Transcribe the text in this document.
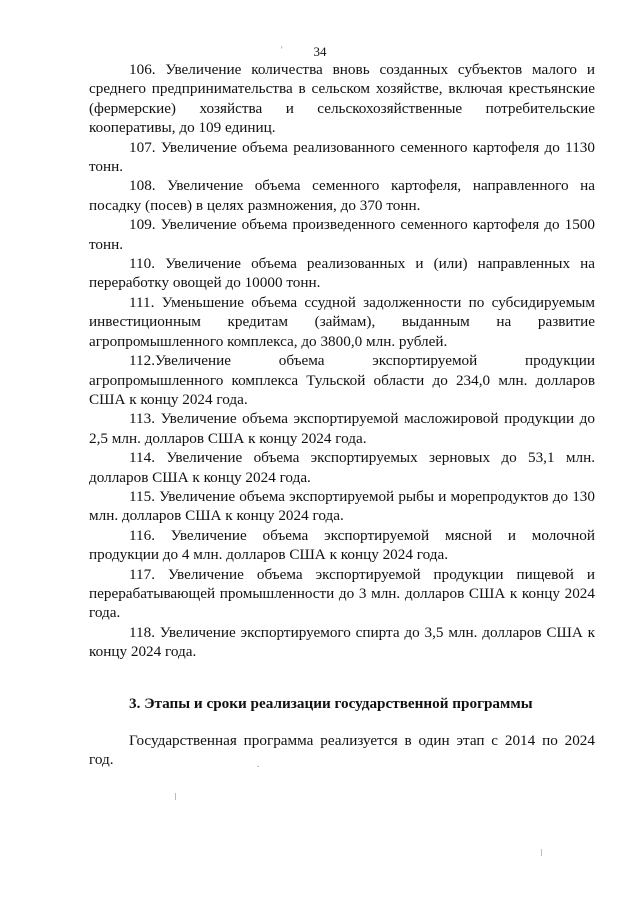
34
'
.

106. Увеличение количества вновь созданных субъектов малого и среднего предпринимательства в сельском хозяйстве, включая крестьянские (фермерские) хозяйства и сельскохозяйственные потребительские кооперативы, до 109 единиц.

107. Увеличение объема реализованного семенного картофеля до 1130 тонн.

108. Увеличение объема семенного картофеля, направленного на посадку (посев) в целях размножения, до 370 тонн.

109. Увеличение объема произведенного семенного картофеля до 1500 тонн.

110. Увеличение объема реализованных и (или) направленных на переработку овощей до 10000 тонн.

111. Уменьшение объема ссудной задолженности по субсидируемым инвестиционным кредитам (займам), выданным на развитие агропромышленного комплекса, до 3800,0 млн. рублей.

112.Увеличение объема экспортируемой продукции агропромышленного комплекса Тульской области до 234,0 млн. долларов США к концу 2024 года.

113. Увеличение объема экспортируемой масложировой продукции до 2,5 млн. долларов США к концу 2024 года.

114. Увеличение объема экспортируемых зерновых до 53,1 млн. долларов США к концу 2024 года.

115. Увеличение объема экспортируемой рыбы и морепродуктов до 130 млн. долларов США к концу 2024 года.

116. Увеличение объема экспортируемой мясной и молочной продукции до 4 млн. долларов США к концу 2024 года.

117. Увеличение объема экспортируемой продукции пищевой и перерабатывающей промышленности до 3 млн. долларов США к концу 2024 года.

118. Увеличение экспортируемого спирта до 3,5 млн. долларов США к концу 2024 года.

3. Этапы и сроки реализации государственной программы

Государственная программа реализуется в один этап с 2014 по 2024 год.
